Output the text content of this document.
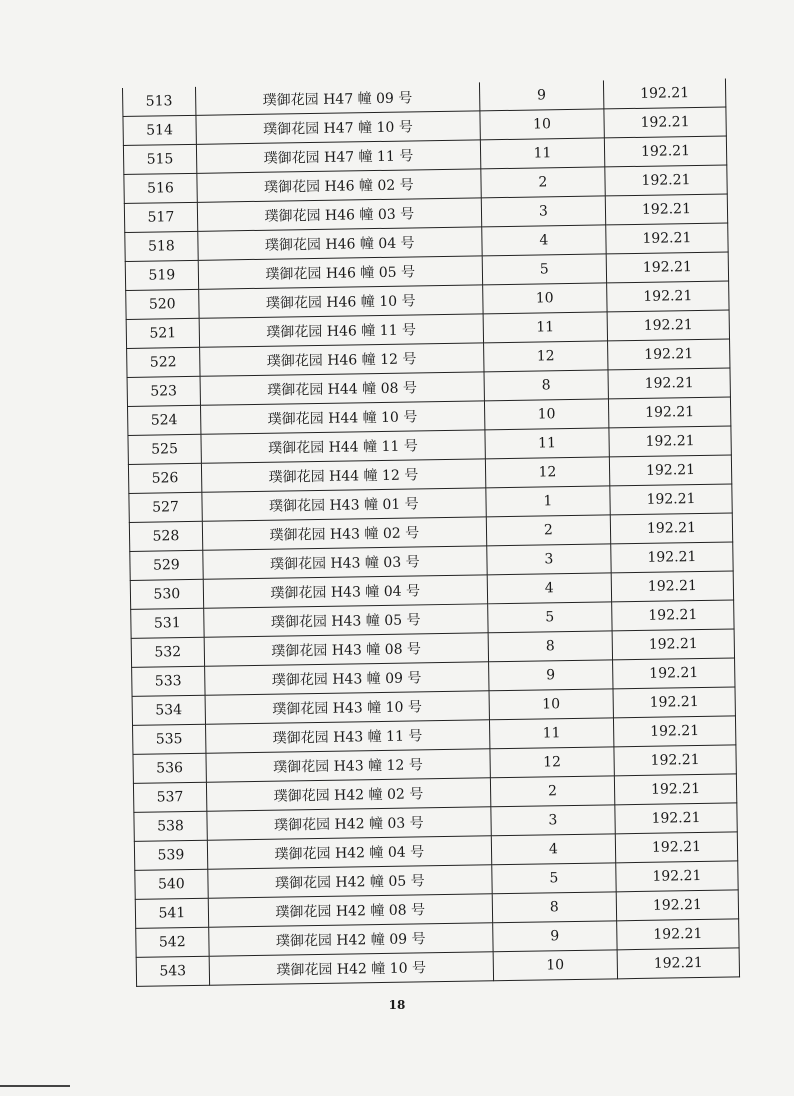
513	璞御花园 H47 幢 09 号	9	192.21
514	璞御花园 H47 幢 10 号	10	192.21
515	璞御花园 H47 幢 11 号	11	192.21
516	璞御花园 H46 幢 02 号	2	192.21
517	璞御花园 H46 幢 03 号	3	192.21
518	璞御花园 H46 幢 04 号	4	192.21
519	璞御花园 H46 幢 05 号	5	192.21
520	璞御花园 H46 幢 10 号	10	192.21
521	璞御花园 H46 幢 11 号	11	192.21
522	璞御花园 H46 幢 12 号	12	192.21
523	璞御花园 H44 幢 08 号	8	192.21
524	璞御花园 H44 幢 10 号	10	192.21
525	璞御花园 H44 幢 11 号	11	192.21
526	璞御花园 H44 幢 12 号	12	192.21
527	璞御花园 H43 幢 01 号	1	192.21
528	璞御花园 H43 幢 02 号	2	192.21
529	璞御花园 H43 幢 03 号	3	192.21
530	璞御花园 H43 幢 04 号	4	192.21
531	璞御花园 H43 幢 05 号	5	192.21
532	璞御花园 H43 幢 08 号	8	192.21
533	璞御花园 H43 幢 09 号	9	192.21
534	璞御花园 H43 幢 10 号	10	192.21
535	璞御花园 H43 幢 11 号	11	192.21
536	璞御花园 H43 幢 12 号	12	192.21
537	璞御花园 H42 幢 02 号	2	192.21
538	璞御花园 H42 幢 03 号	3	192.21
539	璞御花园 H42 幢 04 号	4	192.21
540	璞御花园 H42 幢 05 号	5	192.21
541	璞御花园 H42 幢 08 号	8	192.21
542	璞御花园 H42 幢 09 号	9	192.21
543	璞御花园 H42 幢 10 号	10	192.21
18
